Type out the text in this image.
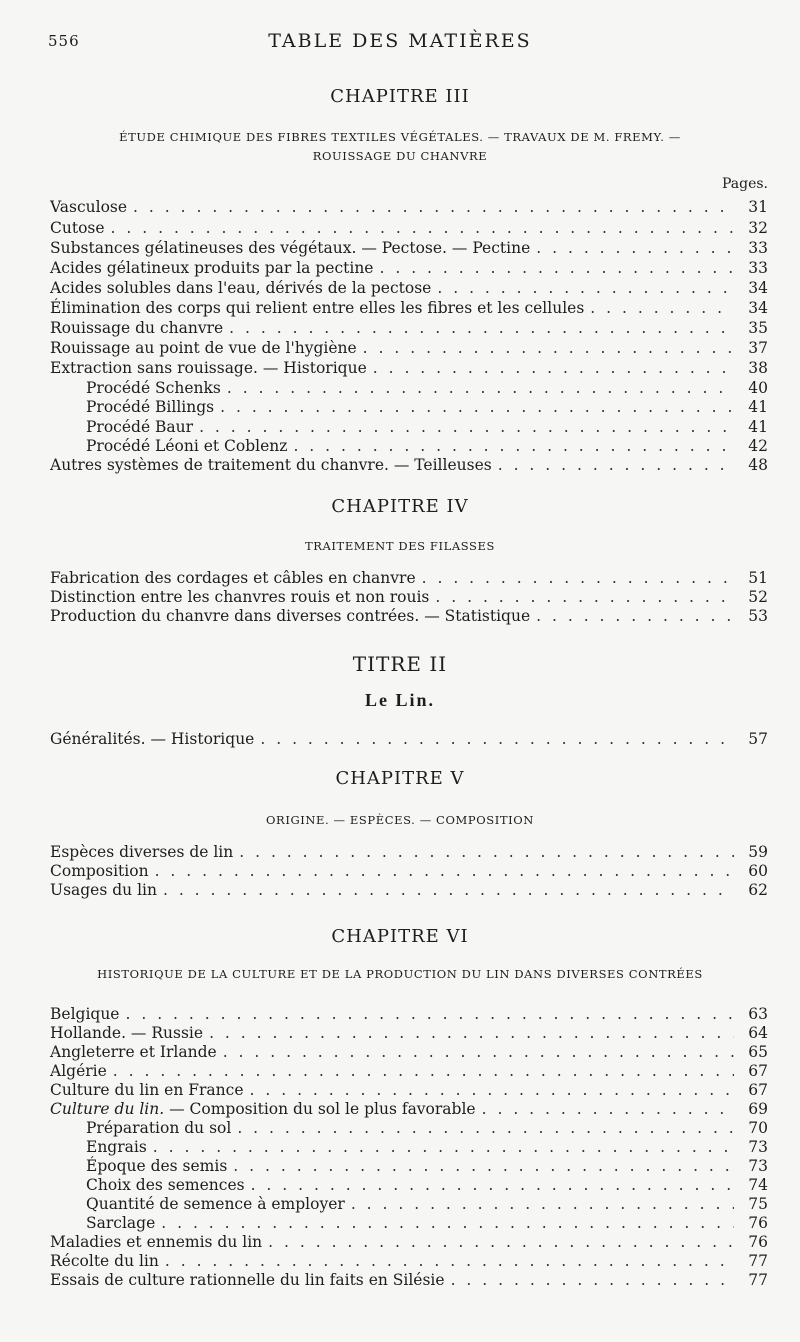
556	TABLE DES MATIÈRES
CHAPITRE III
ÉTUDE CHIMIQUE DES FIBRES TEXTILES VÉGÉTALES. — TRAVAUX DE M. FREMY. —
ROUISSAGE DU CHANVRE
Pages.
Vasculose . . .	31
Cutose . . .	32
Substances gélatineuses des végétaux. — Pectose. — Pectine . . .	33
Acides gélatineux produits par la pectine . . .	33
Acides solubles dans l'eau, dérivés de la pectose . . .	34
Élimination des corps qui relient entre elles les fibres et les cellules . . .	34
Rouissage du chanvre . . .	35
Rouissage au point de vue de l'hygiène . . .	37
Extraction sans rouissage. — Historique . . .	38
Procédé Schenks . . .	40
Procédé Billings . . .	41
Procédé Baur . . .	41
Procédé Léoni et Coblenz . . .	42
Autres systèmes de traitement du chanvre. — Teilleuses . . .	48
CHAPITRE IV
TRAITEMENT DES FILASSES
Fabrication des cordages et câbles en chanvre . . .	51
Distinction entre les chanvres rouis et non rouis . . .	52
Production du chanvre dans diverses contrées. — Statistique . . .	53
TITRE II
Le Lin.
Généralités. — Historique . . .	57
CHAPITRE V
ORIGINE. — ESPÈCES. — COMPOSITION
Espèces diverses de lin . . .	59
Composition . . .	60
Usages du lin . . .	62
CHAPITRE VI
HISTORIQUE DE LA CULTURE ET DE LA PRODUCTION DU LIN DANS DIVERSES CONTRÉES
Belgique . . .	63
Hollande. — Russie . . .	64
Angleterre et Irlande . . .	65
Algérie . . .	67
Culture du lin en France . . .	67
Culture du lin. — Composition du sol le plus favorable . . .	69
Préparation du sol . . .	70
Engrais . . .	73
Époque des semis . . .	73
Choix des semences . . .	74
Quantité de semence à employer . . .	75
Sarclage . . .	76
Maladies et ennemis du lin . . .	76
Récolte du lin . . .	77
Essais de culture rationnelle du lin faits en Silésie . . .	77
